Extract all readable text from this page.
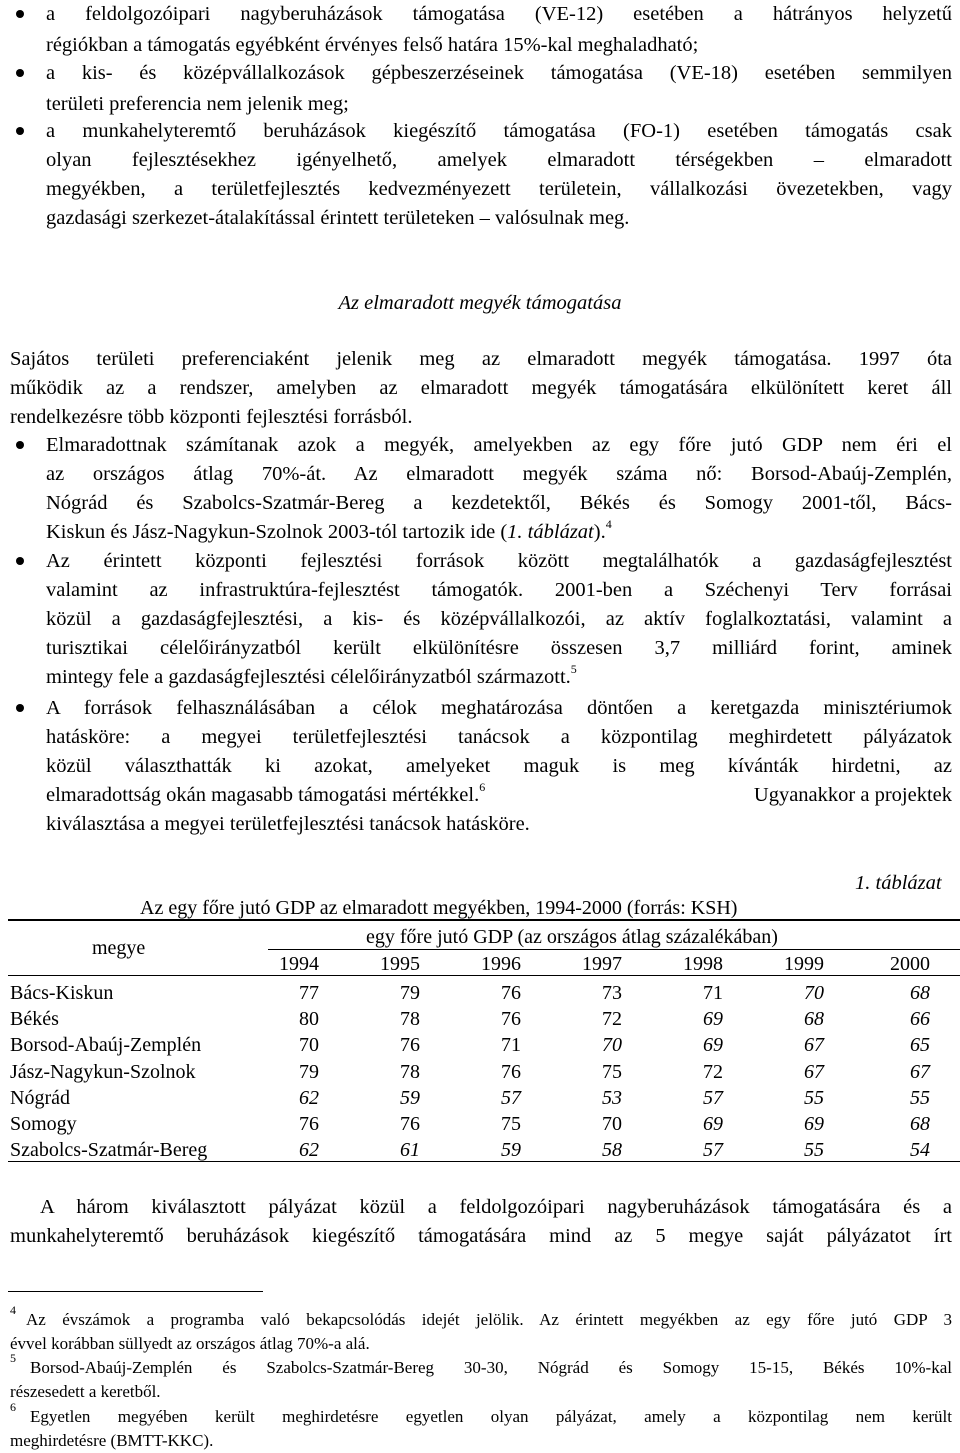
a feldolgozóipari nagyberuházások támogatása (VE-12) esetében a hátrányos helyzetű
régiókban a támogatás egyébként érvényes felső határa 15%-kal meghaladható;
a kis- és középvállalkozások gépbeszerzéseinek támogatása (VE-18) esetében semmilyen
területi preferencia nem jelenik meg;
a munkahelyteremtő beruházások kiegészítő támogatása (FO-1) esetében támogatás csak
olyan fejlesztésekhez igényelhető, amelyek elmaradott térségekben – elmaradott
megyékben, a területfejlesztés kedvezményezett területein, vállalkozási övezetekben, vagy
gazdasági szerkezet-átalakítással érintett területeken – valósulnak meg.
Az elmaradott megyék támogatása
Sajátos területi preferenciaként jelenik meg az elmaradott megyék támogatása. 1997 óta
működik az a rendszer, amelyben az elmaradott megyék támogatására elkülönített keret áll
rendelkezésre több központi fejlesztési forrásból.
Elmaradottnak számítanak azok a megyék, amelyekben az egy főre jutó GDP nem éri el
az országos átlag 70%-át. Az elmaradott megyék száma nő: Borsod-Abaúj-Zemplén,
Nógrád és Szabolcs-Szatmár-Bereg a kezdetektől, Békés és Somogy 2001-től, Bács-
Kiskun és Jász-Nagykun-Szolnok 2003-tól tartozik ide (1. táblázat).$^4$
Az érintett központi fejlesztési források között megtalálhatók a gazdaságfejlesztést
valamint az infrastruktúra-fejlesztést támogatók. 2001-ben a Széchenyi Terv forrásai
közül a gazdaságfejlesztési, a kis- és középvállalkozói, az aktív foglalkoztatási, valamint a
turisztikai célelőirányzatból került elkülönítésre összesen 3,7 milliárd forint, aminek
mintegy fele a gazdaságfejlesztési célelőirányzatból származott.$^5$
A források felhasználásában a célok meghatározása döntően a keretgazda minisztériumok
hatásköre: a megyei területfejlesztési tanácsok a központilag meghirdetett pályázatok
közül választhatták ki azokat, amelyeket maguk is meg kívánták hirdetni, az
elmaradottság okán magasabb támogatási mértékkel.$^6$	Ugyanakkor a projektek
kiválasztása a megyei területfejlesztési tanácsok hatásköre.
1. táblázat
Az egy főre jutó GDP az elmaradott megyékben, 1994-2000 (forrás: KSH)
megye	egy főre jutó GDP (az országos átlag százalékában)
1994	1995	1996	1997	1998	1999	2000
Bács-Kiskun	77	79	76	73	71	70	68
Békés	80	78	76	72	69	68	66
Borsod-Abaúj-Zemplén	70	76	71	70	69	67	65
Jász-Nagykun-Szolnok	79	78	76	75	72	67	67
Nógrád	62	59	57	53	57	55	55
Somogy	76	76	75	70	69	69	68
Szabolcs-Szatmár-Bereg	62	61	59	58	57	55	54
A három kiválasztott pályázat közül a feldolgozóipari nagyberuházások támogatására és a
munkahelyteremtő beruházások kiegészítő támogatására mind az 5 megye saját pályázatot írt
4 Az évszámok a programba való bekapcsolódás idejét jelölik. Az érintett megyékben az egy főre jutó GDP 3
évvel korábban süllyedt az országos átlag 70%-a alá.
5 Borsod-Abaúj-Zemplén és Szabolcs-Szatmár-Bereg 30-30, Nógrád és Somogy 15-15, Békés 10%-kal
részesedett a keretből.
6 Egyetlen megyében került meghirdetésre egyetlen olyan pályázat, amely a központilag nem került
meghirdetésre (BMTT-KKC).
